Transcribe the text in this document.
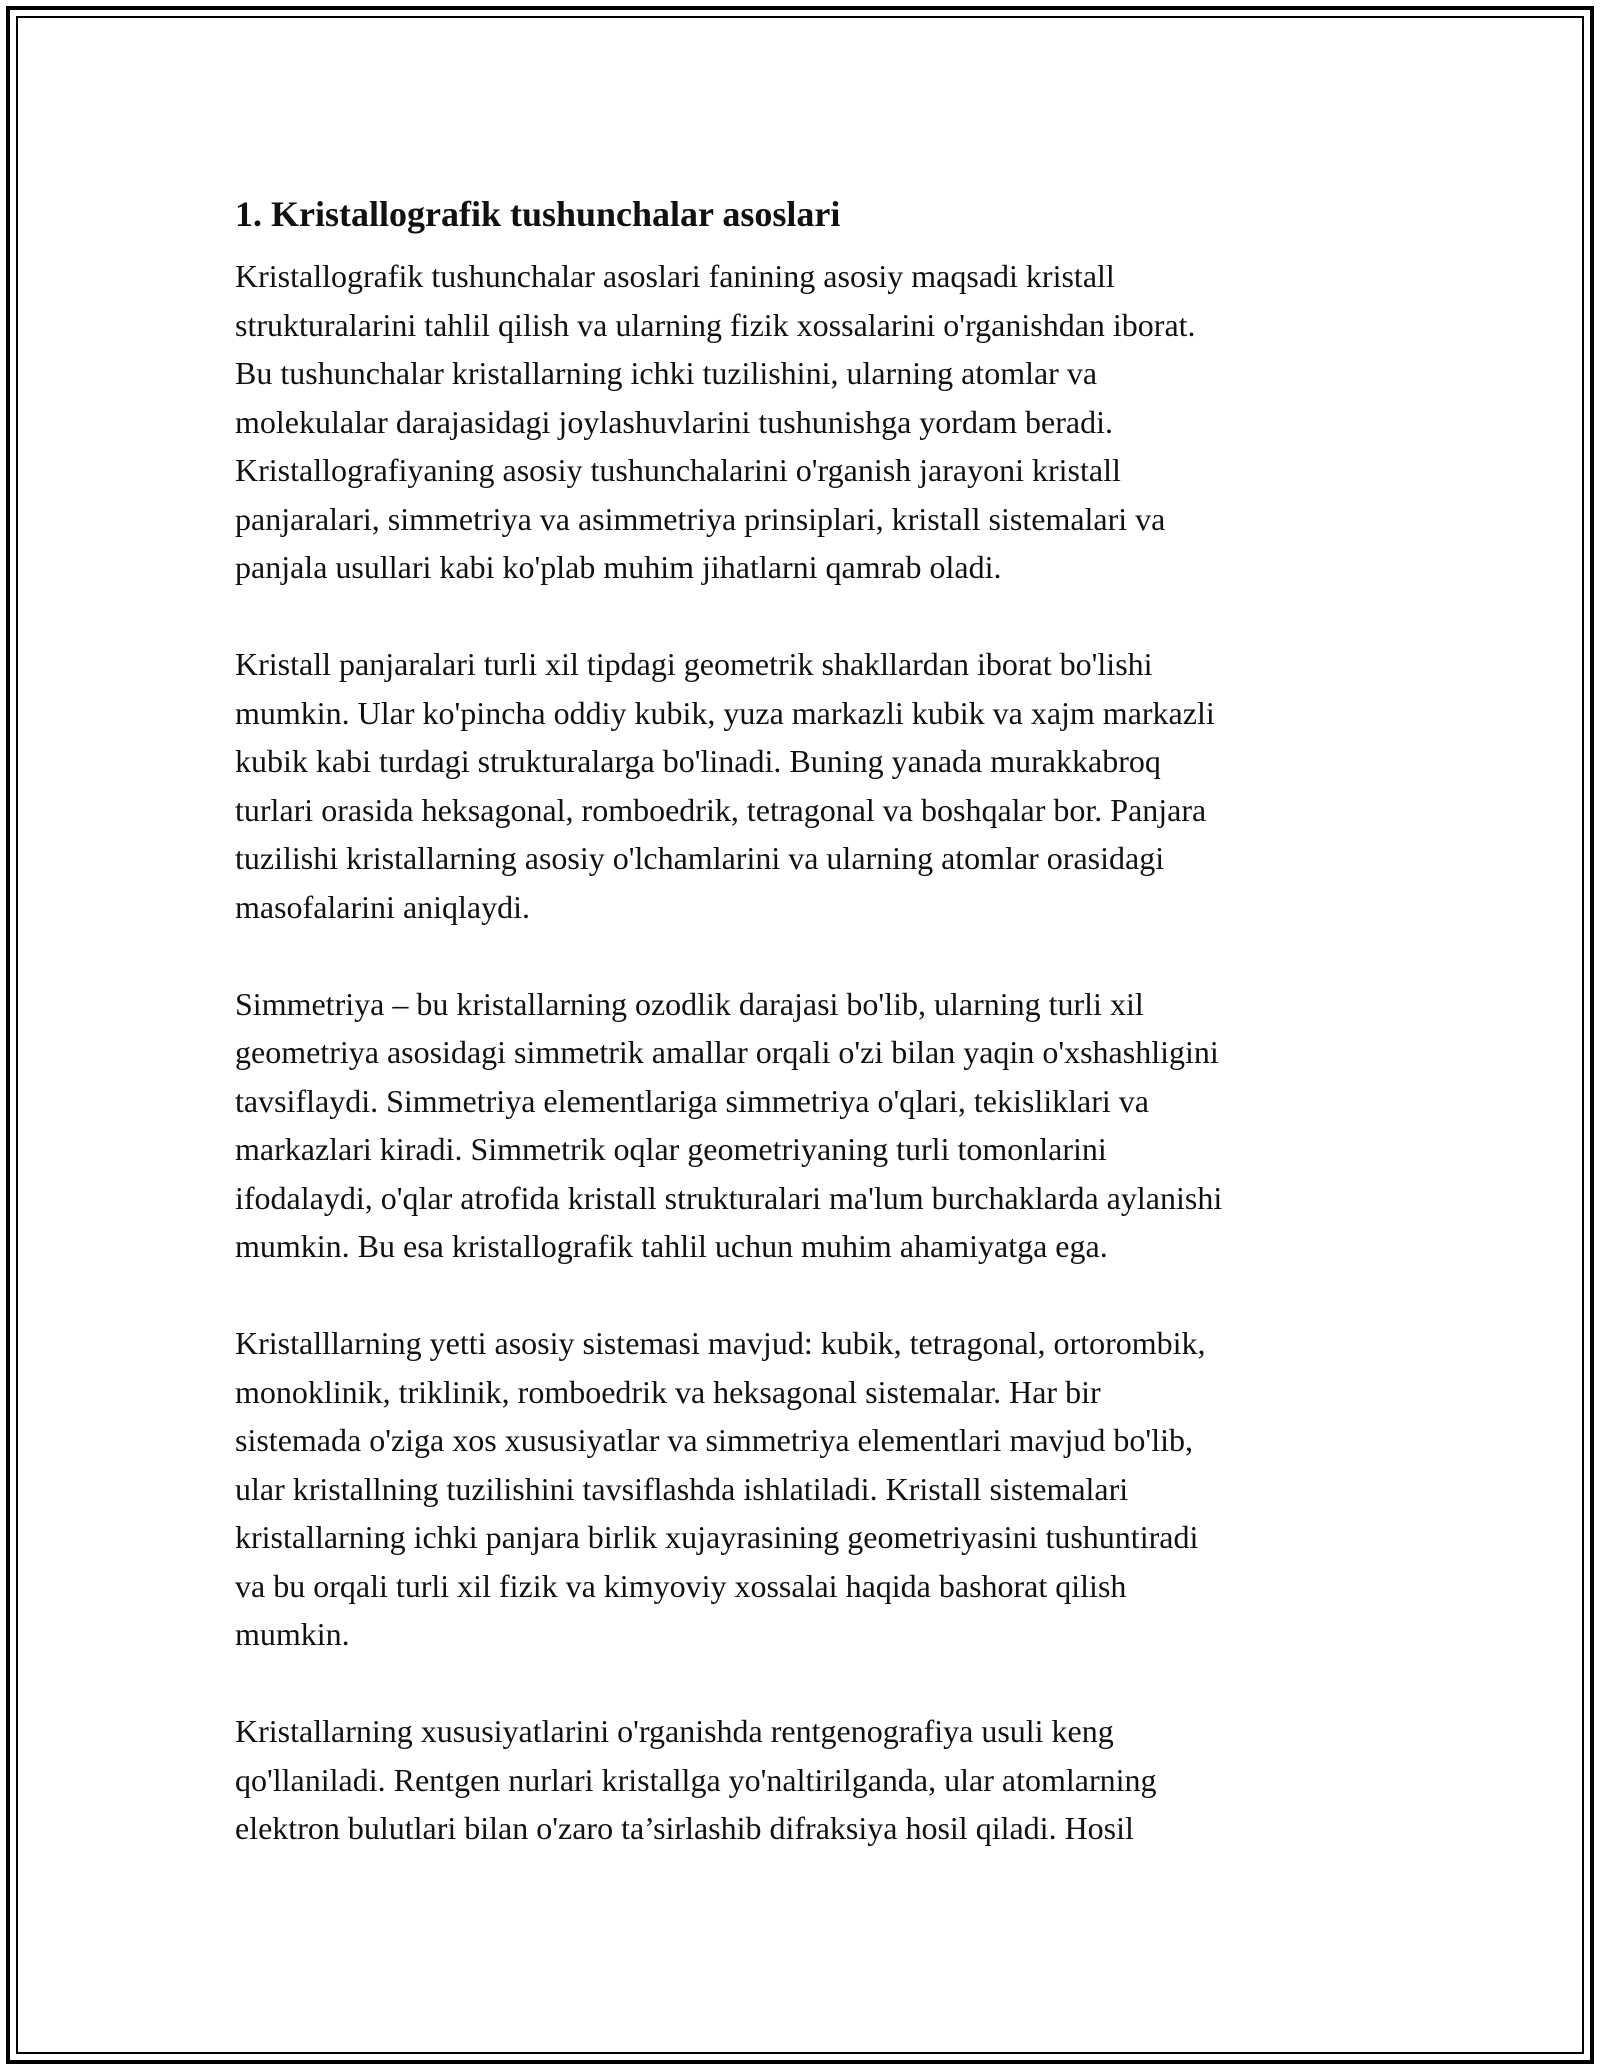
1. Kristallografik tushunchalar asoslari
Kristallografik tushunchalar asoslari fanining asosiy maqsadi kristall
strukturalarini tahlil qilish va ularning fizik xossalarini o'rganishdan iborat.
Bu tushunchalar kristallarning ichki tuzilishini, ularning atomlar va
molekulalar darajasidagi joylashuvlarini tushunishga yordam beradi.
Kristallografiyaning asosiy tushunchalarini o'rganish jarayoni kristall
panjaralari, simmetriya va asimmetriya prinsiplari, kristall sistemalari va
panjala usullari kabi ko'plab muhim jihatlarni qamrab oladi.
Kristall panjaralari turli xil tipdagi geometrik shakllardan iborat bo'lishi
mumkin. Ular ko'pincha oddiy kubik, yuza markazli kubik va xajm markazli
kubik kabi turdagi strukturalarga bo'linadi. Buning yanada murakkabroq
turlari orasida heksagonal, romboedrik, tetragonal va boshqalar bor. Panjara
tuzilishi kristallarning asosiy o'lchamlarini va ularning atomlar orasidagi
masofalarini aniqlaydi.
Simmetriya – bu kristallarning ozodlik darajasi bo'lib, ularning turli xil
geometriya asosidagi simmetrik amallar orqali o'zi bilan yaqin o'xshashligini
tavsiflaydi. Simmetriya elementlariga simmetriya o'qlari, tekisliklari va
markazlari kiradi. Simmetrik oqlar geometriyaning turli tomonlarini
ifodalaydi, o'qlar atrofida kristall strukturalari ma'lum burchaklarda aylanishi
mumkin. Bu esa kristallografik tahlil uchun muhim ahamiyatga ega.
Kristalllarning yetti asosiy sistemasi mavjud: kubik, tetragonal, ortorombik,
monoklinik, triklinik, romboedrik va heksagonal sistemalar. Har bir
sistemada o'ziga xos xususiyatlar va simmetriya elementlari mavjud bo'lib,
ular kristallning tuzilishini tavsiflashda ishlatiladi. Kristall sistemalari
kristallarning ichki panjara birlik xujayrasining geometriyasini tushuntiradi
va bu orqali turli xil fizik va kimyoviy xossalai haqida bashorat qilish
mumkin.
Kristallarning xususiyatlarini o'rganishda rentgenografiya usuli keng
qo'llaniladi. Rentgen nurlari kristallga yo'naltirilganda, ular atomlarning
elektron bulutlari bilan o'zaro ta’sirlashib difraksiya hosil qiladi. Hosil
